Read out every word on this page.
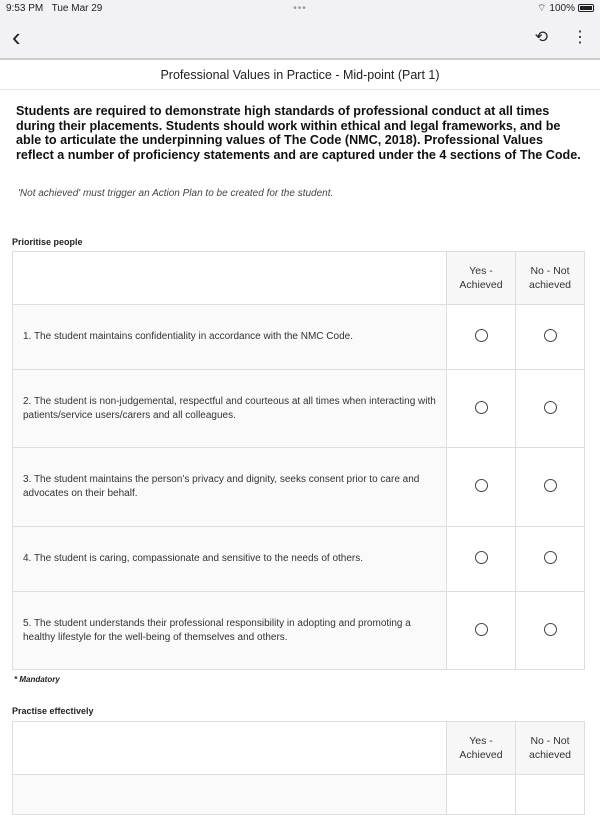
9:53 PM
Tue Mar 29	•••	⌔ 100%
‹	⟲ ⋮
Professional Values in Practice - Mid-point (Part 1)

Students are required to demonstrate high standards of professional conduct at all times during their placements. Students should work within ethical and legal frameworks, and be able to articulate the underpinning values of The Code (NMC, 2018). Professional Values reflect a number of proficiency statements and are captured under the 4 sections of The Code.

'Not achieved' must trigger an Action Plan to be created for the student.

Prioritise people
	Yes - Achieved	No - Not achieved
1. The student maintains confidentiality in accordance with the NMC Code.		
2. The student is non-judgemental, respectful and courteous at all times when interacting with patients/service users/carers and all colleagues.		
3. The student maintains the person’s privacy and dignity, seeks consent prior to care and advocates on their behalf.		
4. The student is caring, compassionate and sensitive to the needs of others.		
5. The student understands their professional responsibility in adopting and promoting a healthy lifestyle for the well-being of themselves and others.		
* Mandatory
Practise effectively
	Yes - Achieved	No - Not achieved
